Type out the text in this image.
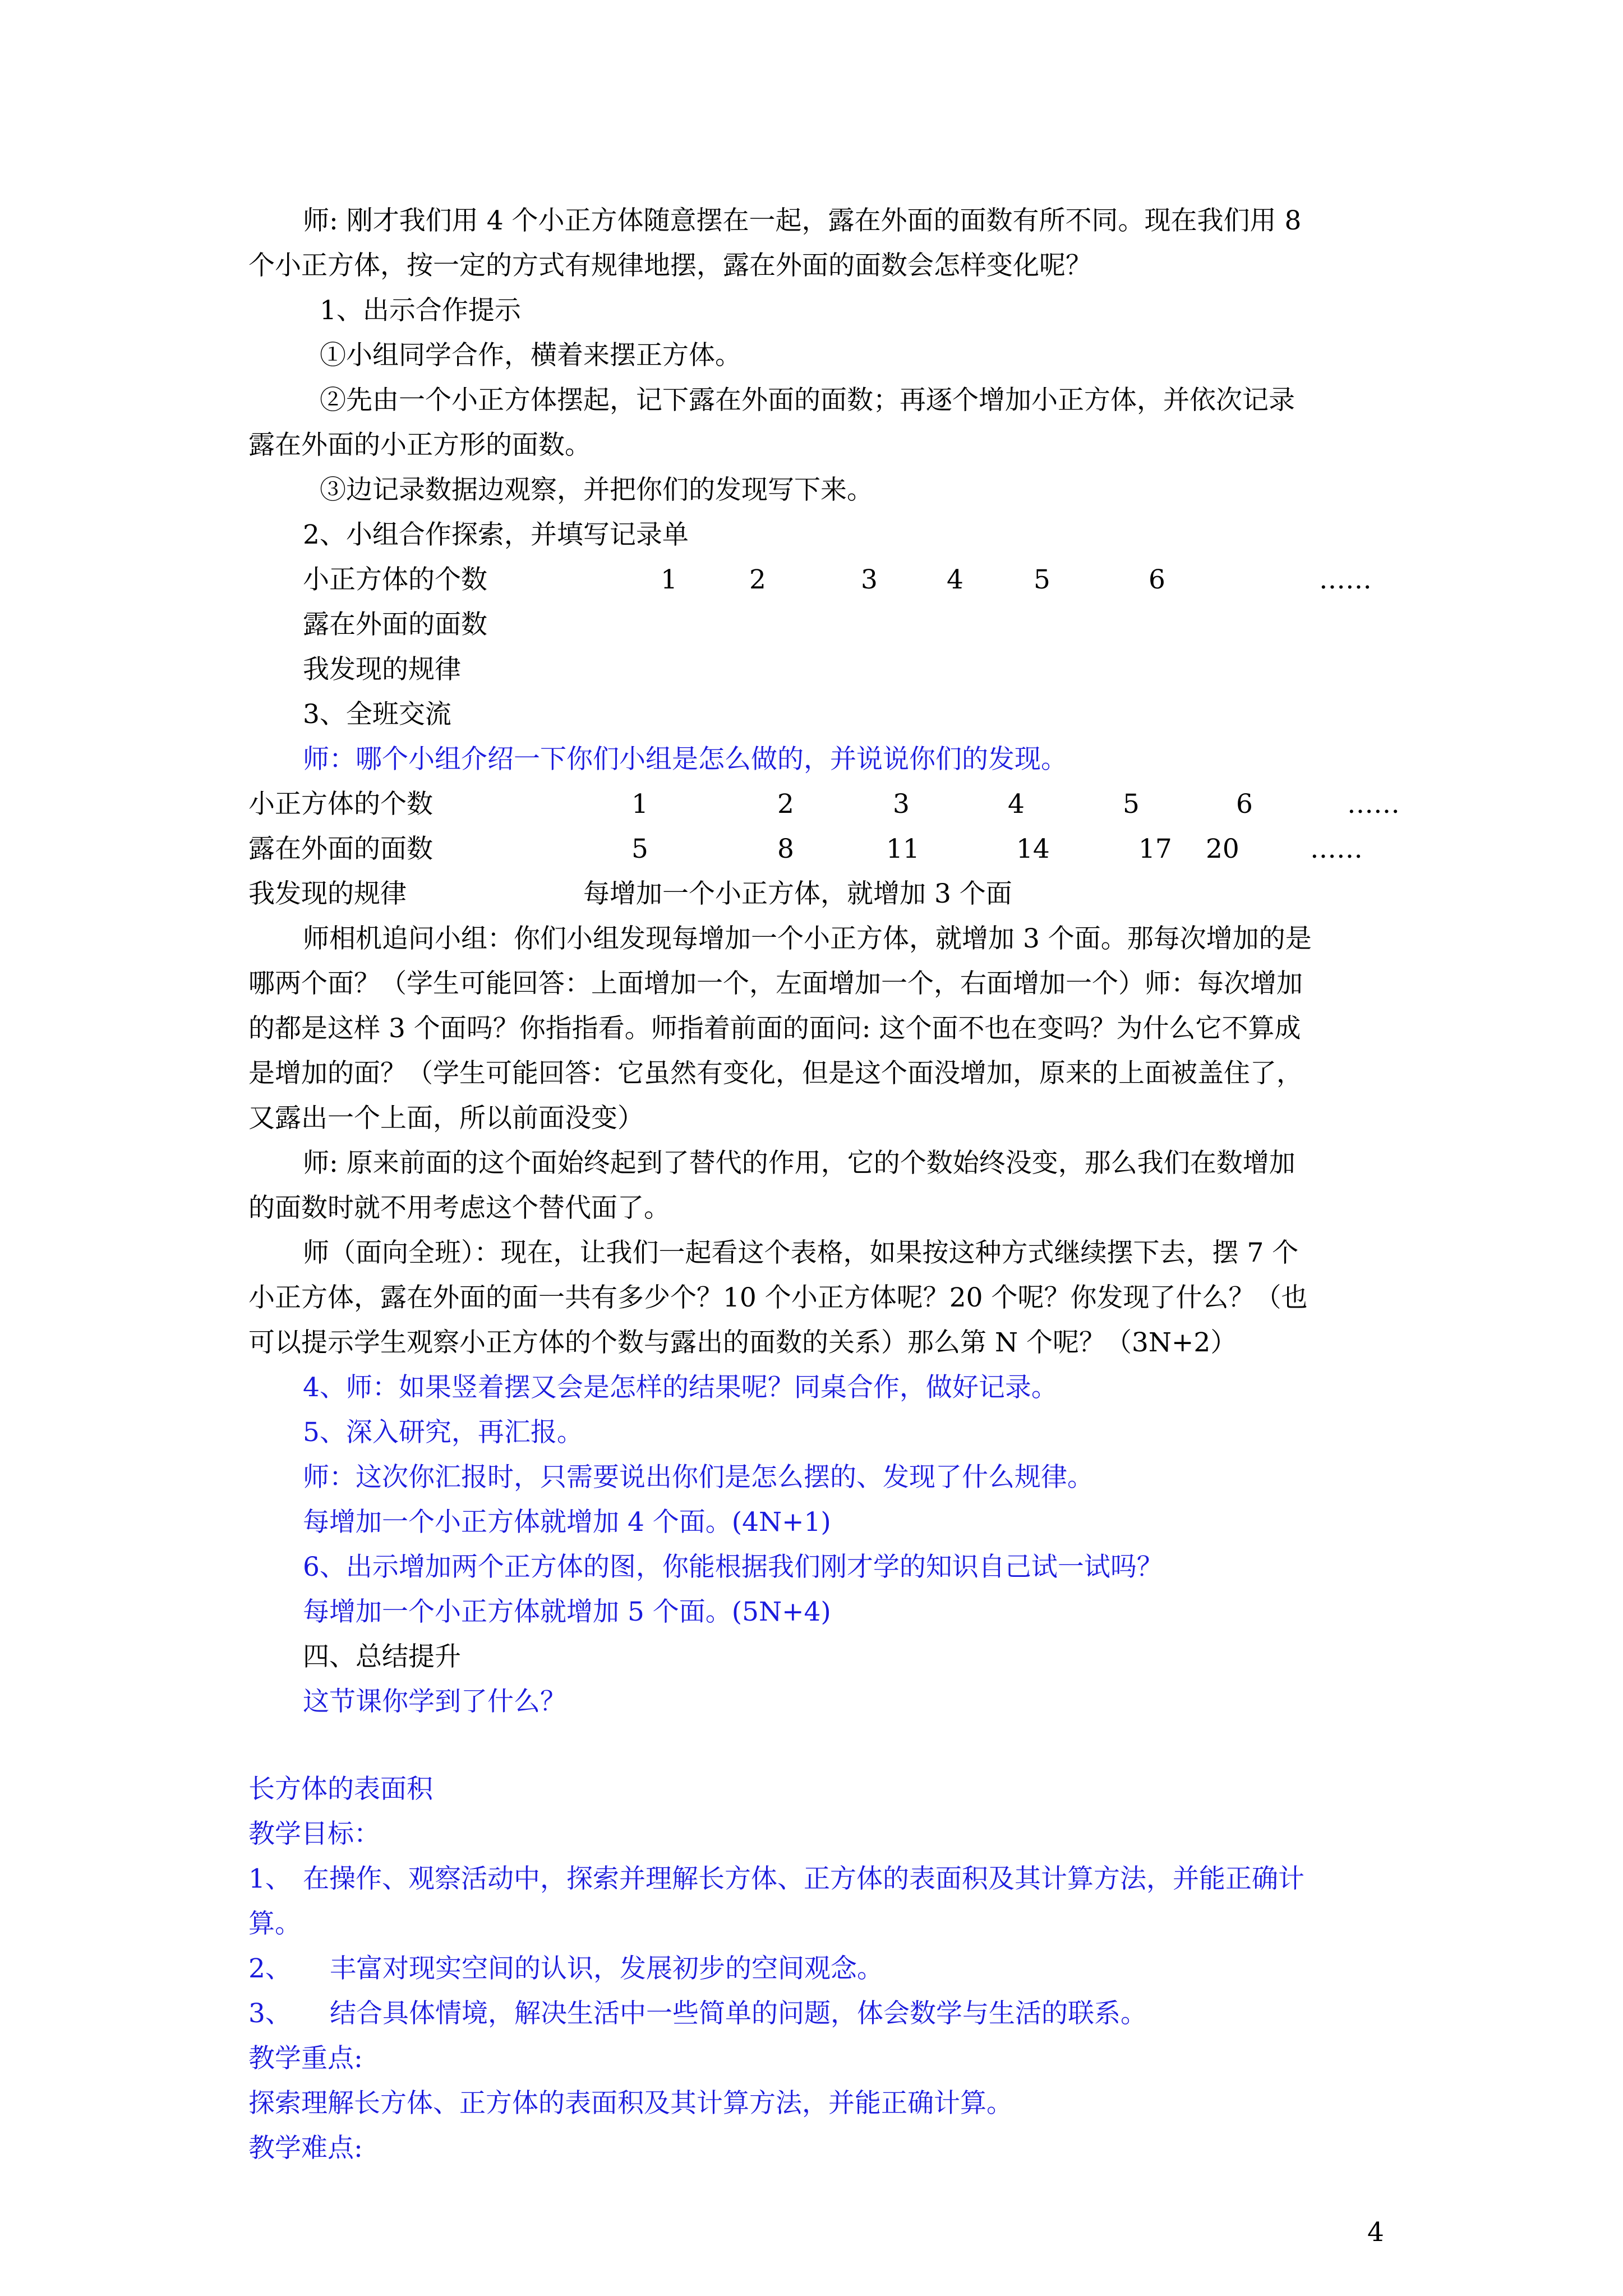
师: 刚才我们用 4 个小正方体随意摆在一起，露在外面的面数有所不同。现在我们用 8
个小正方体，按一定的方式有规律地摆，露在外面的面数会怎样变化呢？
1、出示合作提示
①小组同学合作，横着来摆正方体。
②先由一个小正方体摆起，记下露在外面的面数；再逐个增加小正方体，并依次记录
露在外面的小正方形的面数。
③边记录数据边观察，并把你们的发现写下来。
2、小组合作探索，并填写记录单
小正方体的个数	1	2	3	4	5	6	……
露在外面的面数
我发现的规律
3、全班交流
师：哪个小组介绍一下你们小组是怎么做的，并说说你们的发现。
小正方体的个数	1	2	3	4	5	6	……
露在外面的面数	5	8	11	14	17 20	……
我发现的规律	每增加一个小正方体，就增加 3 个面
师相机追问小组：你们小组发现每增加一个小正方体，就增加 3 个面。那每次增加的是
哪两个面？（学生可能回答：上面增加一个，左面增加一个，右面增加一个）师：每次增加
的都是这样 3 个面吗？你指指看。师指着前面的面问: 这个面不也在变吗？为什么它不算成
是增加的面？（学生可能回答：它虽然有变化，但是这个面没增加，原来的上面被盖住了，
又露出一个上面，所以前面没变）
师: 原来前面的这个面始终起到了替代的作用，它的个数始终没变，那么我们在数增加
的面数时就不用考虑这个替代面了。
师（面向全班）：现在，让我们一起看这个表格，如果按这种方式继续摆下去，摆 7 个
小正方体，露在外面的面一共有多少个？10 个小正方体呢？20 个呢？你发现了什么？（也
可以提示学生观察小正方体的个数与露出的面数的关系）那么第 N 个呢？（3N+2）
4、师：如果竖着摆又会是怎样的结果呢？同桌合作，做好记录。
5、深入研究，再汇报。
师：这次你汇报时，只需要说出你们是怎么摆的、发现了什么规律。
每增加一个小正方体就增加 4 个面。(4N+1)
6、出示增加两个正方体的图，你能根据我们刚才学的知识自己试一试吗？
每增加一个小正方体就增加 5 个面。(5N+4)
四、总结提升
这节课你学到了什么？
长方体的表面积
教学目标：
1、 在操作、观察活动中，探索并理解长方体、正方体的表面积及其计算方法，并能正确计
算。
2、 丰富对现实空间的认识，发展初步的空间观念。
3、 结合具体情境，解决生活中一些简单的问题，体会数学与生活的联系。
教学重点:
探索理解长方体、正方体的表面积及其计算方法，并能正确计算。
教学难点:
4
